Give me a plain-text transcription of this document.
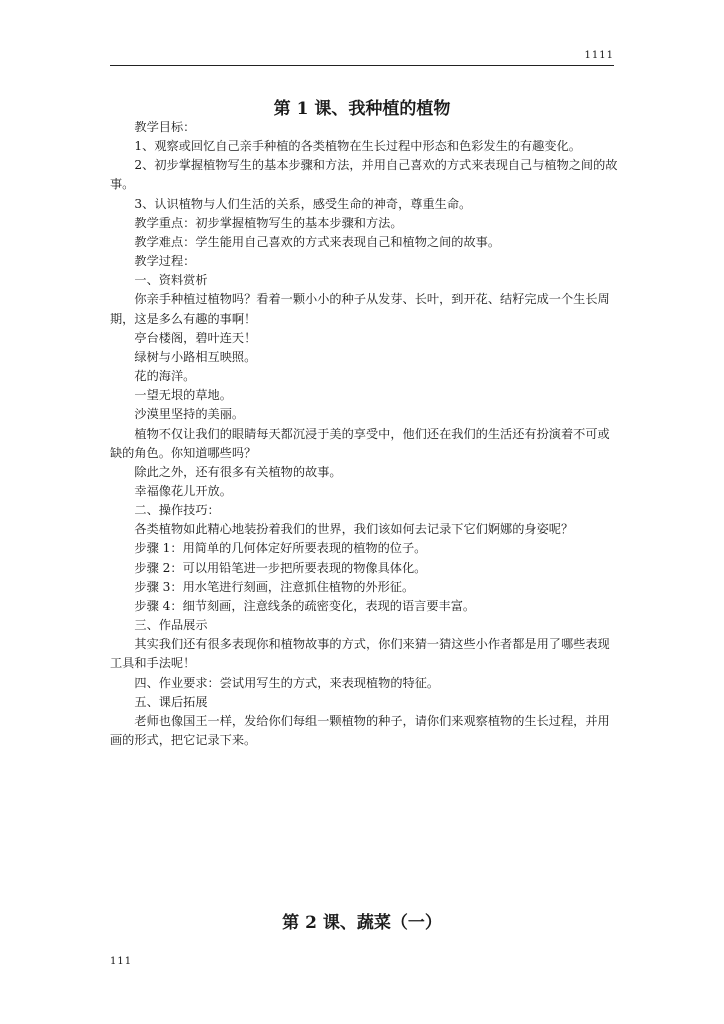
1111
第 1 课、我种植的植物

教学目标：

1、观察或回忆自己亲手种植的各类植物在生长过程中形态和色彩发生的有趣变化。

2、初步掌握植物写生的基本步骤和方法，并用自己喜欢的方式来表现自己与植物之间的故事。

3、认识植物与人们生活的关系，感受生命的神奇，尊重生命。

教学重点：初步掌握植物写生的基本步骤和方法。

教学难点：学生能用自己喜欢的方式来表现自己和植物之间的故事。

教学过程：

一、资料赏析

你亲手种植过植物吗？看着一颗小小的种子从发芽、长叶，到开花、结籽完成一个生长周期，这是多么有趣的事啊！

亭台楼阁，碧叶连天！

绿树与小路相互映照。

花的海洋。

一望无垠的草地。

沙漠里坚持的美丽。

植物不仅让我们的眼睛每天都沉浸于美的享受中，他们还在我们的生活还有扮演着不可或缺的角色。你知道哪些吗？

除此之外，还有很多有关植物的故事。

幸福像花儿开放。

二、操作技巧：

各类植物如此精心地装扮着我们的世界，我们该如何去记录下它们婀娜的身姿呢？

步骤 1：用简单的几何体定好所要表现的植物的位子。

步骤 2：可以用铅笔进一步把所要表现的物像具体化。

步骤 3：用水笔进行刻画，注意抓住植物的外形征。

步骤 4：细节刻画，注意线条的疏密变化，表现的语言要丰富。

三、作品展示

其实我们还有很多表现你和植物故事的方式，你们来猜一猜这些小作者都是用了哪些表现工具和手法呢！

四、作业要求：尝试用写生的方式，来表现植物的特征。

五、课后拓展

老师也像国王一样，发给你们每组一颗植物的种子，请你们来观察植物的生长过程，并用画的形式，把它记录下来。

第 2 课、蔬菜（一）
111
